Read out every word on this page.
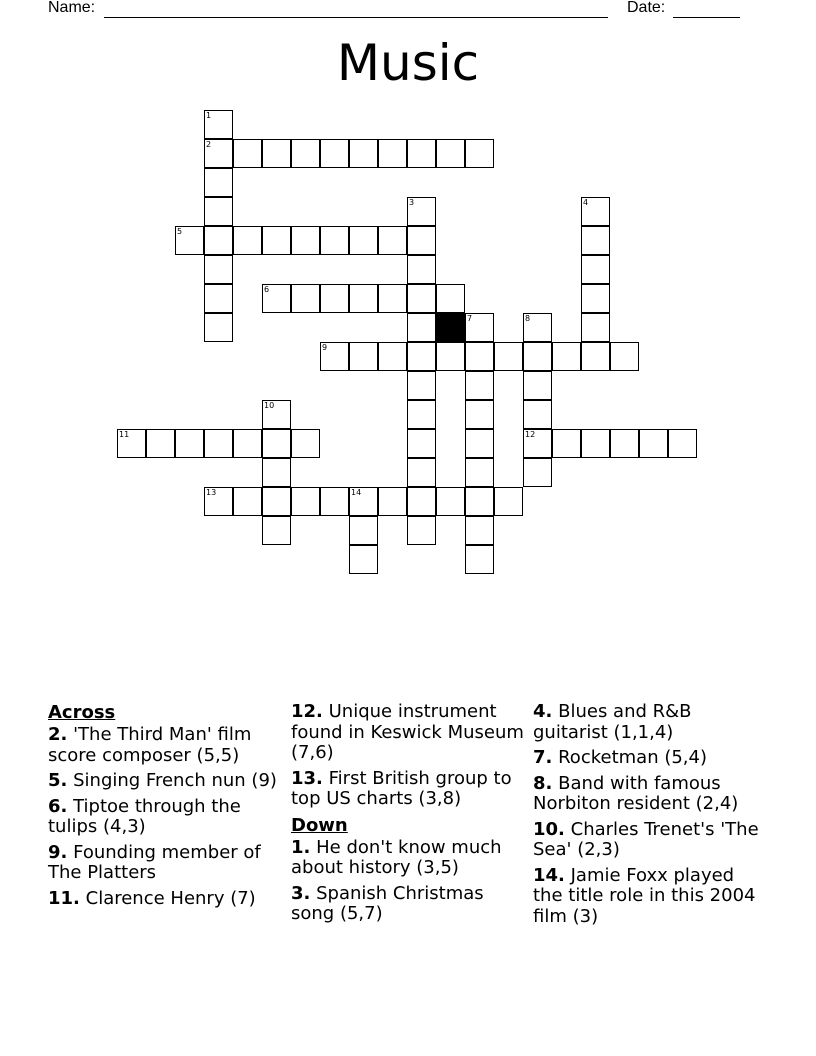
Name:	Date:
Music
1
2
3	4
5
6
7	8
12
9
10
11
13	14
Across
2. 'The Third Man' film score composer (5,5)
5. Singing French nun (9)
6. Tiptoe through the tulips (4,3)
9. Founding member of The Platters
11. Clarence Henry (7)
12. Unique instrument found in Keswick Museum (7,6)
13. First British group to top US charts (3,8)
Down
1. He don't know much about history (3,5)
3. Spanish Christmas song (5,7)
4. Blues and R&B guitarist (1,1,4)
7. Rocketman (5,4)
8. Band with famous Norbiton resident (2,4)
10. Charles Trenet's 'The Sea' (2,3)
14. Jamie Foxx played the title role in this 2004 film (3)
